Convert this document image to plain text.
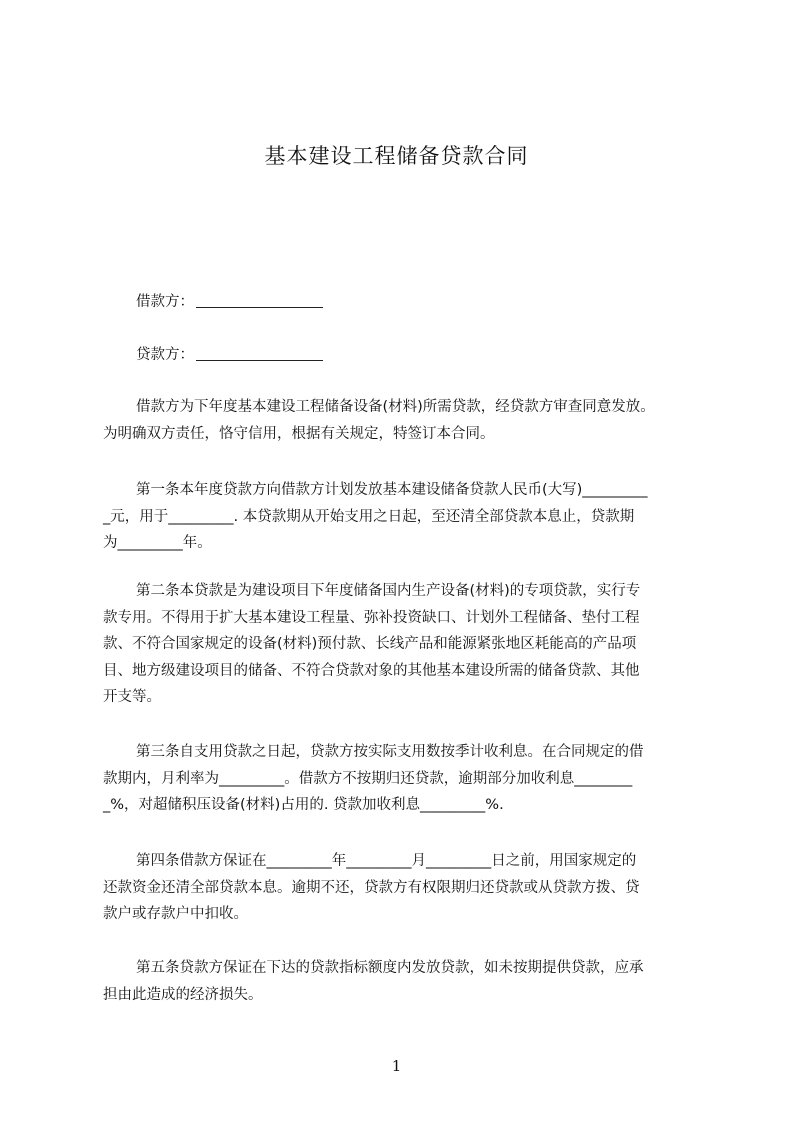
基本建设工程储备贷款合同

借款方：

贷款方：

借款方为下年度基本建设工程储备设备(材料)所需贷款，经贷款方审查同意发放。
为明确双方责任，恪守信用，根据有关规定，特签订本合同。

第一条本年度贷款方向借款方计划发放基本建设储备贷款人民币(大写)_________
_元，用于_________. 本贷款期从开始支用之日起，至还清全部贷款本息止，贷款期
为_________年。

第二条本贷款是为建设项目下年度储备国内生产设备(材料)的专项贷款，实行专
款专用。不得用于扩大基本建设工程量、弥补投资缺口、计划外工程储备、垫付工程
款、不符合国家规定的设备(材料)预付款、长线产品和能源紧张地区耗能高的产品项
目、地方级建设项目的储备、不符合贷款对象的其他基本建设所需的储备贷款、其他
开支等。

第三条自支用贷款之日起，贷款方按实际支用数按季计收利息。在合同规定的借
款期内，月利率为_________。借款方不按期归还贷款，逾期部分加收利息________
_%，对超储积压设备(材料)占用的. 贷款加收利息_________%.

第四条借款方保证在_________年_________月_________日之前，用国家规定的
还款资金还清全部贷款本息。逾期不还，贷款方有权限期归还贷款或从贷款方拨、贷
款户或存款户中扣收。

第五条贷款方保证在下达的贷款指标额度内发放贷款，如未按期提供贷款，应承
担由此造成的经济损失。

1
